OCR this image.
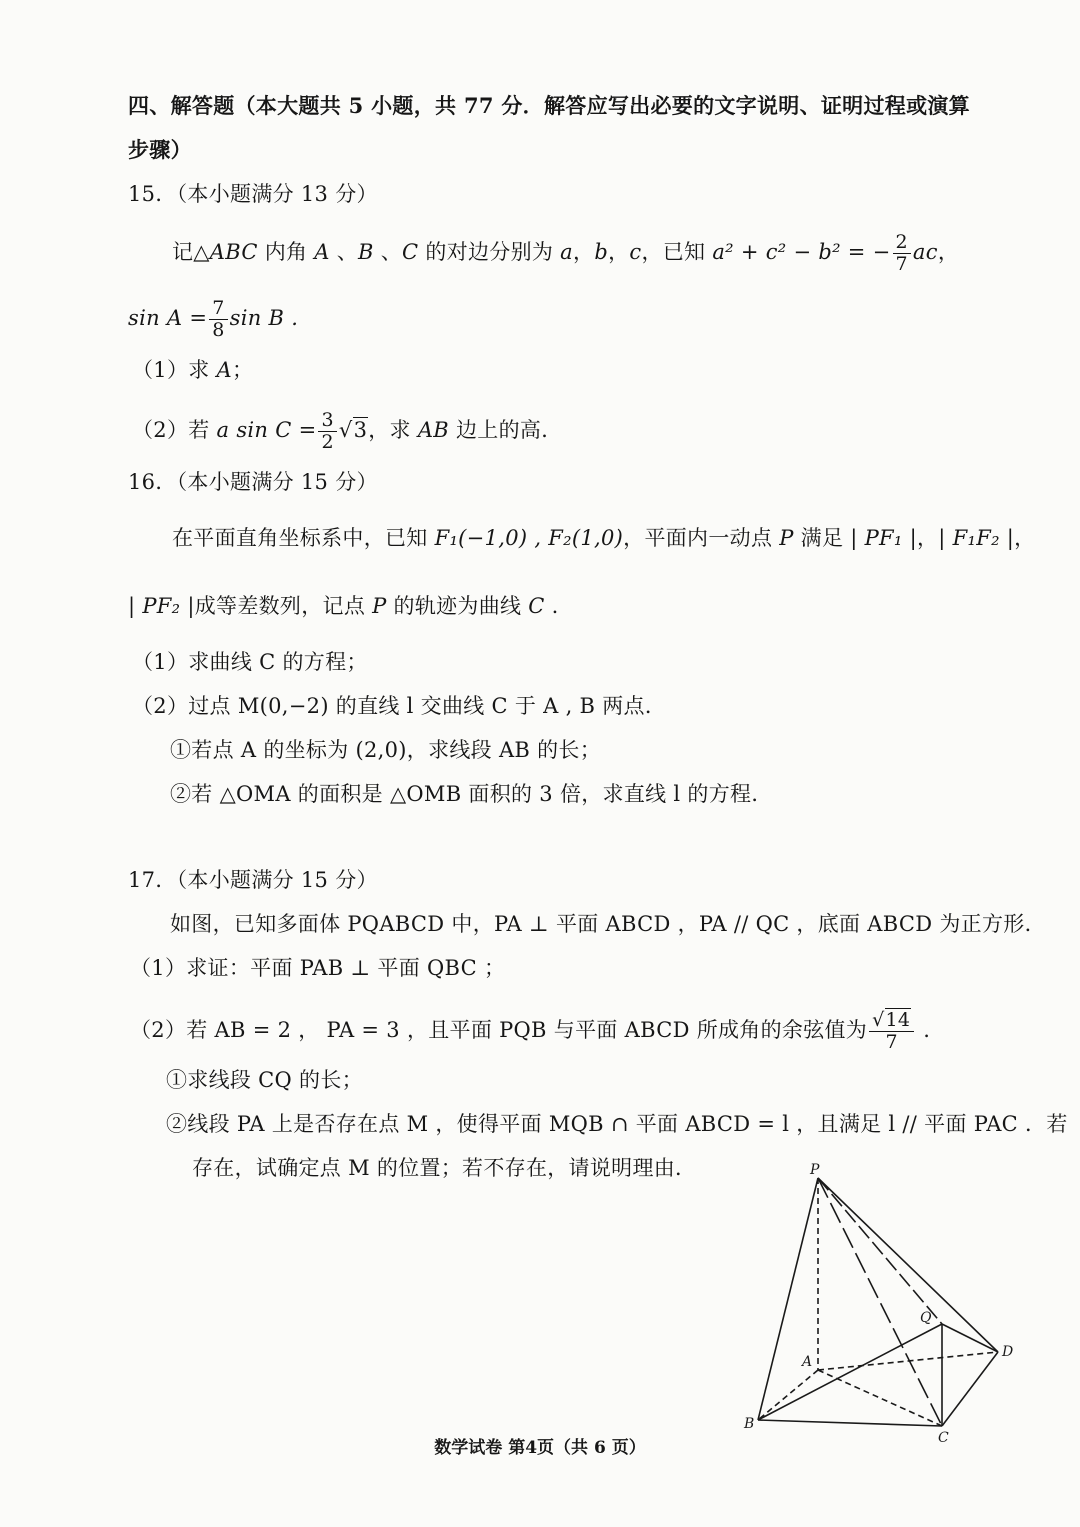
四、解答题（本大题共 5 小题，共 77 分．解答应写出必要的文字说明、证明过程或演算
步骤）
15．（本小题满分 13 分）
记△ABC 内角 A 、B 、C 的对边分别为 a，b，c，已知 a² + c² − b² = − $\frac{2}{7}$ ac，
$\sin A = \frac{7}{8}$ sin B .
（1）求 A；
（2）若 a $\sin C = \frac{3}{2} √3$，求 AB 边上的高．
16．（本小题满分 15 分）
在平面直角坐标系中，已知 F₁(−1,0) , F₂(1,0)，平面内一动点 P 满足 | PF₁ |，| F₁F₂ |，
| PF₂ |成等差数列，记点 P 的轨迹为曲线 C .
（1）求曲线 C 的方程；
（2）过点 M(0,−2) 的直线 l 交曲线 C 于 A , B 两点．
①若点 A 的坐标为 (2,0)，求线段 AB 的长；
②若 △OMA 的面积是 △OMB 面积的 3 倍，求直线 l 的方程．
17．（本小题满分 15 分）
如图，已知多面体 PQABCD 中，PA ⊥ 平面 ABCD ，PA // QC ，底面 ABCD 为正方形．
（1）求证：平面 PAB ⊥ 平面 QBC ；
（2）若 AB = 2 ， PA = 3 ，且平面 PQB 与平面 ABCD 所成角的余弦值为 $\frac{√14}{7}$ .
①求线段 CQ 的长；
②线段 PA 上是否存在点 M ，使得平面 MQB ∩ 平面 ABCD = l ，且满足 l // 平面 PAC ．若
存在，试确定点 M 的位置；若不存在，请说明理由．	P
Q
A
B
C
D
数学试卷 第4页（共 6 页）
